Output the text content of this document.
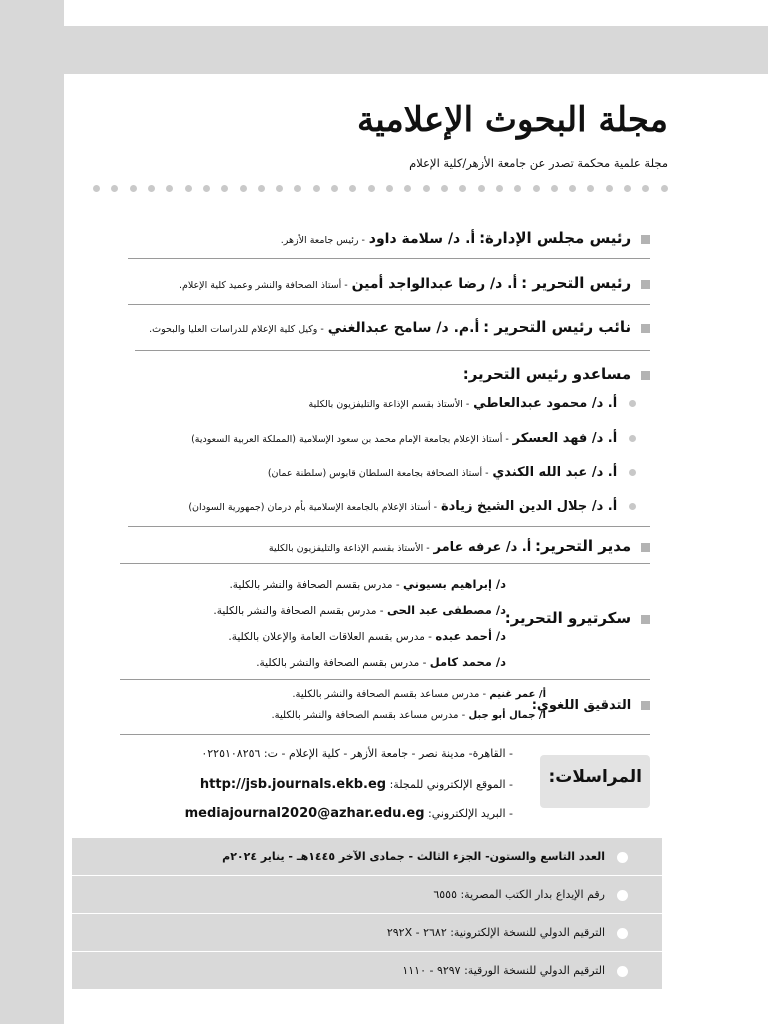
مجلة البحوث الإعلامية
مجلة علمية محكمة تصدر عن جامعة الأزهر/كلية الإعلام
رئيس مجلس الإدارة: أ. د/ سلامة داود - رئيس جامعة الأزهر.
رئيس التحرير : أ. د/ رضا عبدالواجد أمين - أستاذ الصحافة والنشر وعميد كلية الإعلام.
نائب رئيس التحرير : أ.م. د/ سامح عبدالغني - وكيل كلية الإعلام للدراسات العليا والبحوث.
مساعدو رئيس التحرير:
أ. د/ محمود عبدالعاطي - الأستاذ بقسم الإذاعة والتليفزيون بالكلية
أ. د/ فهد العسكر - أستاذ الإعلام بجامعة الإمام محمد بن سعود الإسلامية (المملكة العربية السعودية)
أ. د/ عبد الله الكندي - أستاذ الصحافة بجامعة السلطان قابوس (سلطنة عمان)
أ. د/ جلال الدين الشيخ زيادة - أستاذ الإعلام بالجامعة الإسلامية بأم درمان (جمهورية السودان)
مدير التحرير: أ. د/ عرفه عامر - الأستاذ بقسم الإذاعة والتليفزيون بالكلية
سكرتيرو التحرير:
د/ إبراهيم بسيوني - مدرس بقسم الصحافة والنشر بالكلية.
د/ مصطفى عبد الحى - مدرس بقسم الصحافة والنشر بالكلية.
د/ أحمد عبده - مدرس بقسم العلاقات العامة والإعلان بالكلية.
د/ محمد كامل - مدرس بقسم الصحافة والنشر بالكلية.
التدقيق اللغوي:
أ/ عمر غنيم - مدرس مساعد بقسم الصحافة والنشر بالكلية.
أ/ جمال أبو جبل - مدرس مساعد بقسم الصحافة والنشر بالكلية.
المراسلات:
- القاهرة- مدينة نصر - جامعة الأزهر - كلية الإعلام - ت: ٠٢٢٥١٠٨٢٥٦
- الموقع الإلكتروني للمجلة: http://jsb.journals.ekb.eg
- البريد الإلكتروني: mediajournal2020@azhar.edu.eg
العدد التاسع والستون- الجزء الثالث - جمادى الآخر ١٤٤٥هـ - يناير ٢٠٢٤م
رقم الإيداع بدار الكتب المصرية: ٦٥٥٥
الترقيم الدولي للنسخة الإلكترونية: ٢٦٨٢ - ٢٩٢X
الترقيم الدولي للنسخة الورقية: ٩٢٩٧ - ١١١٠
